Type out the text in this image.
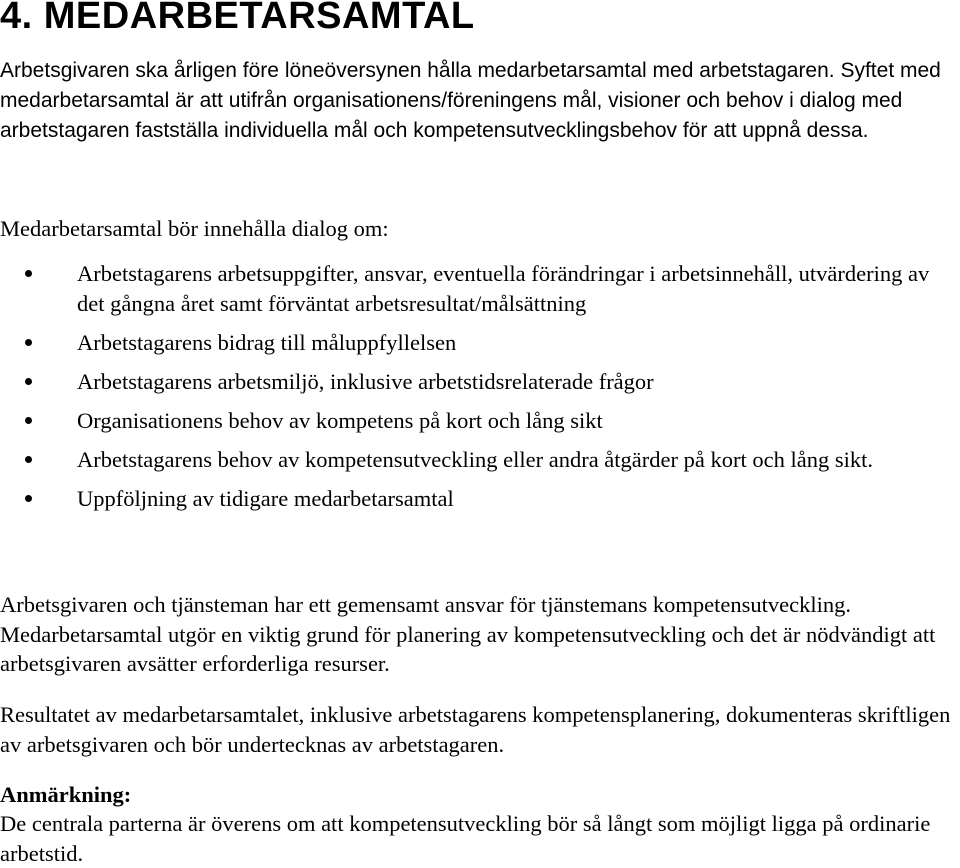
4. MEDARBETARSAMTAL

Arbetsgivaren ska årligen före löneöversynen hålla medarbetarsamtal med arbetstagaren. Syftet med medarbetarsamtal är att utifrån organisationens/föreningens mål, visioner och behov i dialog med arbetstagaren fastställa individuella mål och kompetensutvecklingsbehov för att uppnå dessa.

Medarbetarsamtal bör innehålla dialog om:

Arbetstagarens arbetsuppgifter, ansvar, eventuella förändringar i arbetsinnehåll, utvärdering av det gångna året samt förväntat arbetsresultat/målsättning
Arbetstagarens bidrag till måluppfyllelsen
Arbetstagarens arbetsmiljö, inklusive arbetstidsrelaterade frågor
Organisationens behov av kompetens på kort och lång sikt
Arbetstagarens behov av kompetensutveckling eller andra åtgärder på kort och lång sikt.
Uppföljning av tidigare medarbetarsamtal

Arbetsgivaren och tjänsteman har ett gemensamt ansvar för tjänstemans kompetensutveckling. Medarbetarsamtal utgör en viktig grund för planering av kompetensutveckling och det är nödvändigt att arbetsgivaren avsätter erforderliga resurser.

Resultatet av medarbetarsamtalet, inklusive arbetstagarens kompetensplanering, dokumenteras skriftligen av arbetsgivaren och bör undertecknas av arbetstagaren.

Anmärkning:

De centrala parterna är överens om att kompetensutveckling bör så långt som möjligt ligga på ordinarie arbetstid.
